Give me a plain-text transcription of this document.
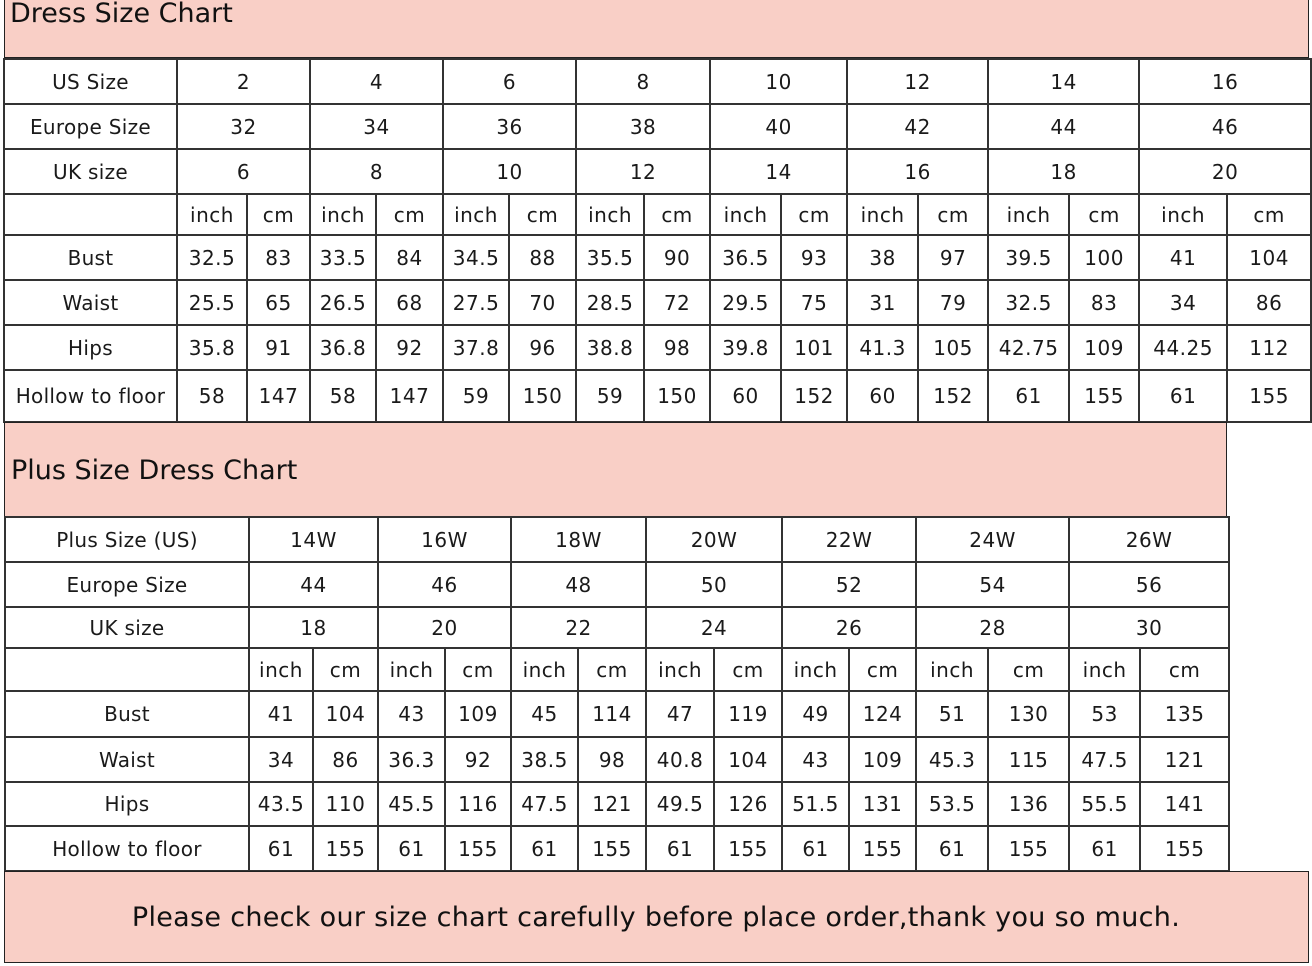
Dress Size Chart
US Size	2		4		6		8		10		12		14		16	
Europe Size	32		34		36		38		40		42		44		46	
UK size	6		8		10		12		14		16		18		20	
	inch	cm	inch	cm	inch	cm	inch	cm	inch	cm	inch	cm	inch	cm	inch	cm
Bust	32.5	83	33.5	84	34.5	88	35.5	90	36.5	93	38	97	39.5	100	41	104
Waist	25.5	65	26.5	68	27.5	70	28.5	72	29.5	75	31	79	32.5	83	34	86
Hips	35.8	91	36.8	92	37.8	96	38.8	98	39.8	101	41.3	105	42.75	109	44.25	112
Hollow to floor	58	147	58	147	59	150	59	150	60	152	60	152	61	155	61	155
Plus Size Dress Chart
Plus Size (US)	14W		16W		18W		20W		22W		24W		26W	
Europe Size	44		46		48		50		52		54		56	
UK size	18		20		22		24		26		28		30	
	inch	cm	inch	cm	inch	cm	inch	cm	inch	cm	inch	cm	inch	cm
Bust	41	104	43	109	45	114	47	119	49	124	51	130	53	135
Waist	34	86	36.3	92	38.5	98	40.8	104	43	109	45.3	115	47.5	121
Hips	43.5	110	45.5	116	47.5	121	49.5	126	51.5	131	53.5	136	55.5	141
Hollow to floor	61	155	61	155	61	155	61	155	61	155	61	155	61	155
Please check our size chart carefully before place order,thank you so much.
